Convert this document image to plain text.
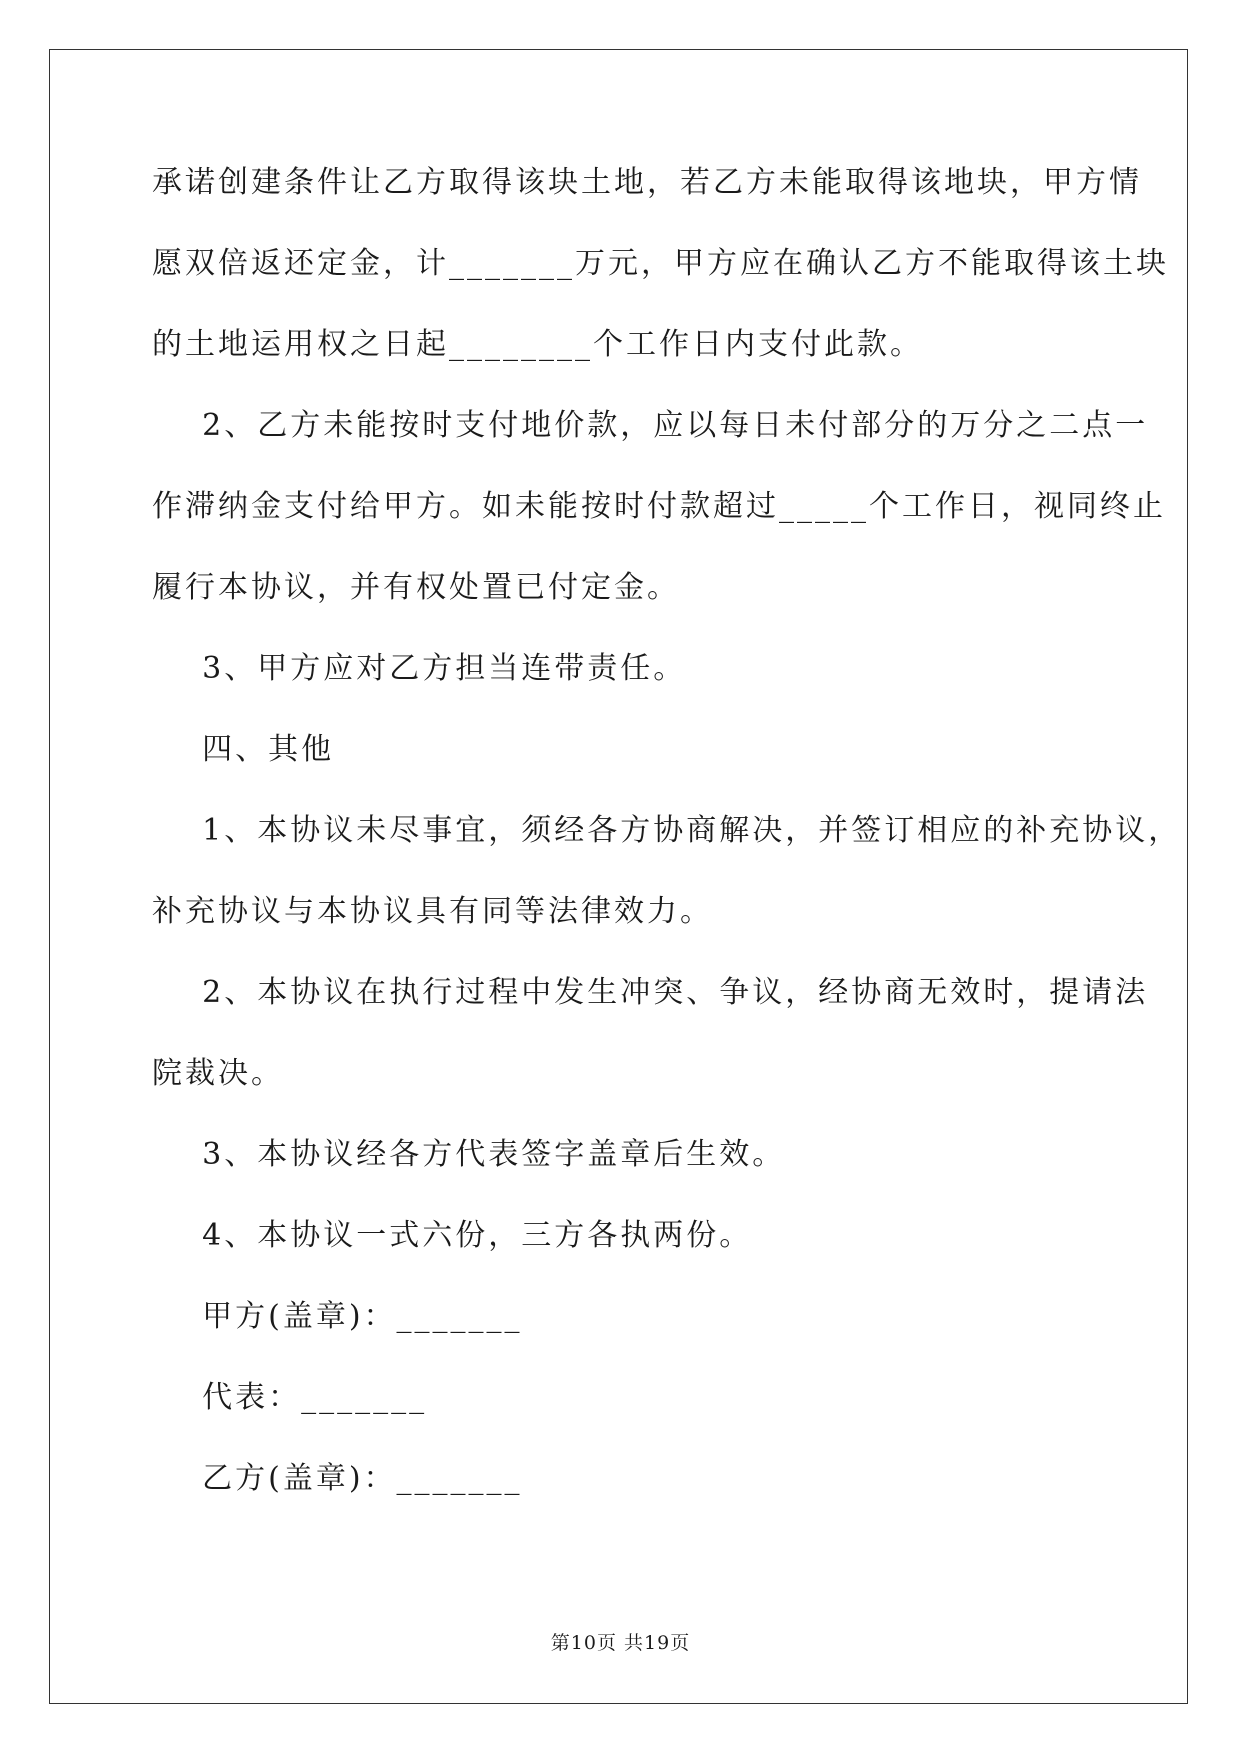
承诺创建条件让乙方取得该块土地，若乙方未能取得该地块，甲方情
愿双倍返还定金，计_______万元，甲方应在确认乙方不能取得该土块
的土地运用权之日起________个工作日内支付此款。
2、乙方未能按时支付地价款，应以每日未付部分的万分之二点一
作滞纳金支付给甲方。如未能按时付款超过_____个工作日，视同终止
履行本协议，并有权处置已付定金。
3、甲方应对乙方担当连带责任。
四、其他
1、本协议未尽事宜，须经各方协商解决，并签订相应的补充协议，
补充协议与本协议具有同等法律效力。
2、本协议在执行过程中发生冲突、争议，经协商无效时，提请法
院裁决。
3、本协议经各方代表签字盖章后生效。
4、本协议一式六份，三方各执两份。
甲方(盖章)：_______
代表：_______
乙方(盖章)：_______
第10页 共19页
